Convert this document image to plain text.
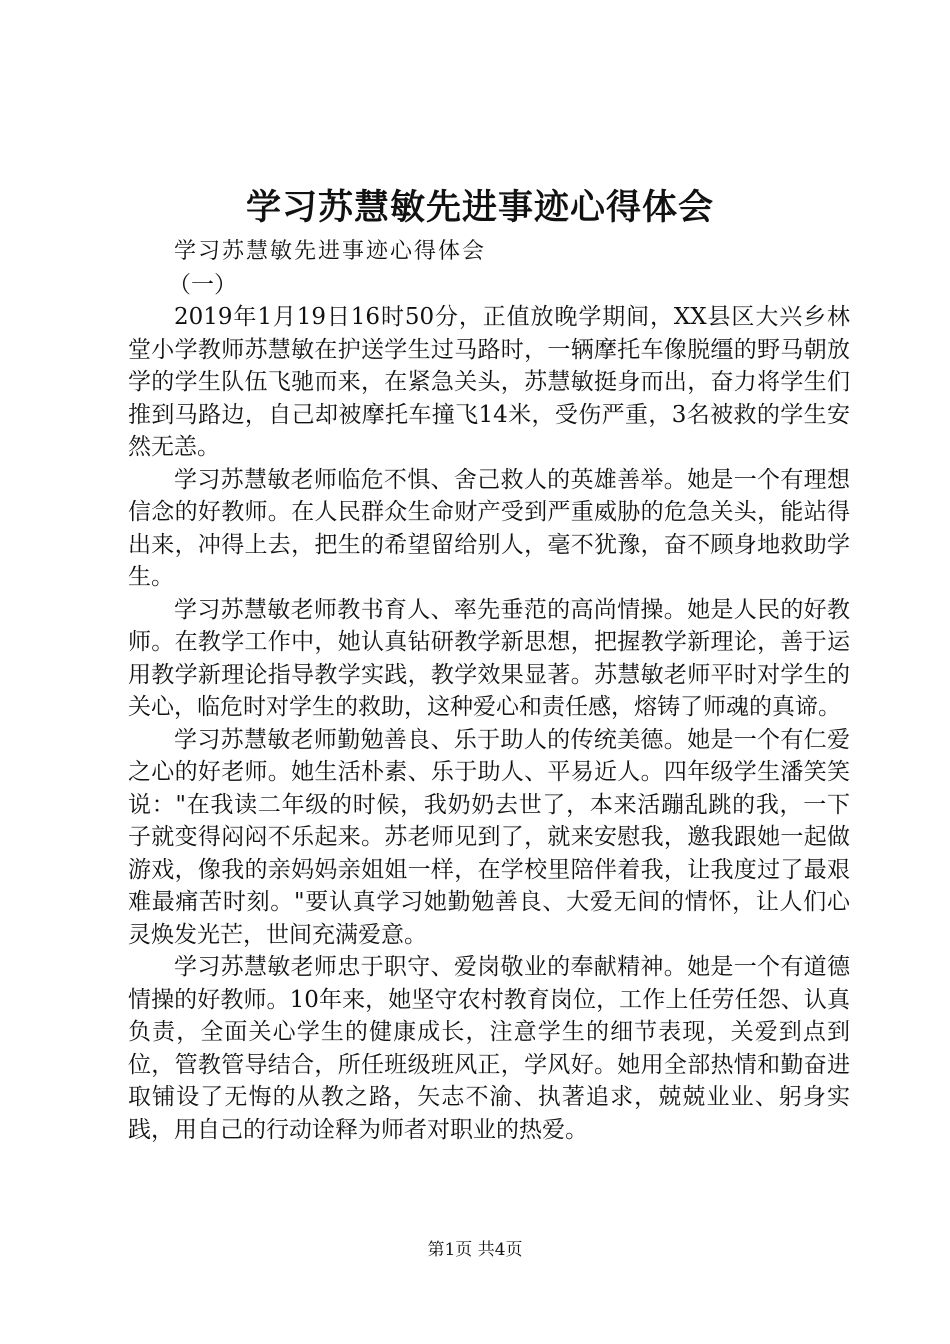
学习苏慧敏先进事迹心得体会

学习苏慧敏先进事迹心得体会

（一）

2019年1月19日16时50分，正值放晚学期间，XX县区大兴乡林堂小学教师苏慧敏在护送学生过马路时，一辆摩托车像脱缰的野马朝放学的学生队伍飞驰而来，在紧急关头，苏慧敏挺身而出，奋力将学生们推到马路边，自己却被摩托车撞飞14米，受伤严重，3名被救的学生安然无恙。

学习苏慧敏老师临危不惧、舍己救人的英雄善举。她是一个有理想信念的好教师。在人民群众生命财产受到严重威胁的危急关头，能站得出来，冲得上去，把生的希望留给别人，毫不犹豫，奋不顾身地救助学生。

学习苏慧敏老师教书育人、率先垂范的高尚情操。她是人民的好教师。在教学工作中，她认真钻研教学新思想，把握教学新理论，善于运用教学新理论指导教学实践，教学效果显著。苏慧敏老师平时对学生的关心，临危时对学生的救助，这种爱心和责任感，熔铸了师魂的真谛。

学习苏慧敏老师勤勉善良、乐于助人的传统美德。她是一个有仁爱之心的好老师。她生活朴素、乐于助人、平易近人。四年级学生潘笑笑说："在我读二年级的时候，我奶奶去世了，本来活蹦乱跳的我，一下子就变得闷闷不乐起来。苏老师见到了，就来安慰我，邀我跟她一起做游戏，像我的亲妈妈亲姐姐一样，在学校里陪伴着我，让我度过了最艰难最痛苦时刻。"要认真学习她勤勉善良、大爱无间的情怀，让人们心灵焕发光芒，世间充满爱意。

学习苏慧敏老师忠于职守、爱岗敬业的奉献精神。她是一个有道德情操的好教师。10年来，她坚守农村教育岗位，工作上任劳任怨、认真负责，全面关心学生的健康成长，注意学生的细节表现，关爱到点到位，管教管导结合，所任班级班风正，学风好。她用全部热情和勤奋进取铺设了无悔的从教之路，矢志不渝、执著追求，兢兢业业、躬身实践，用自己的行动诠释为师者对职业的热爱。

第1页 共4页
